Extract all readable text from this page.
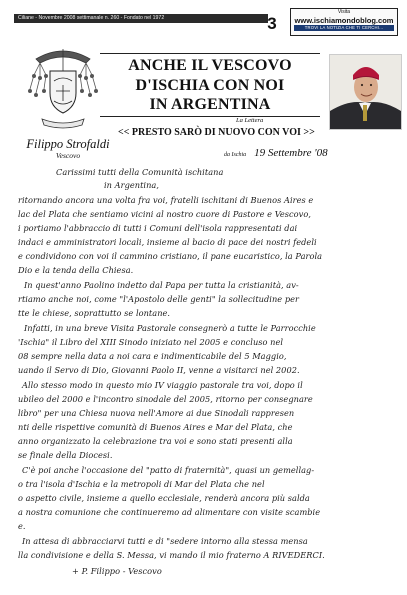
Ciliane - Novembre 2008 settimanale n. 260 - Fondato nel 1972	3
Visita
www.ischiamondoblog.com
TROVI LA NOTIZIA CHE TI CERCHI...
Filippo Strofaldi
Vescovo
ANCHE IL VESCOVO
D'ISCHIA CON NOI
IN ARGENTINA
La Lettera
<< PRESTO SARÒ DI NUOVO CON VOI >>
da Ischia 19 Settembre '08
Carissimi tutti della Comunità ischitana
in Argentina,
ritornando ancora una volta fra voi, fratelli ischitani di Buenos Aires e
lac del Plata che sentiamo vicini al nostro cuore di Pastore e Vescovo,
i portiamo l'abbraccio di tutti i Comuni dell'isola rappresentati dai
indaci e amministratori locali, insieme al bacio di pace dei nostri fedeli
e condividono con voi il cammino cristiano, il pane eucaristico, la Parola
Dio e la tenda della Chiesa.
In quest'anno Paolino indetto dal Papa per tutta la cristianità, av-
rtiamo anche noi, come "l'Apostolo delle genti" la sollecitudine per
tte le chiese, soprattutto se lontane.
Infatti, in una breve Visita Pastorale consegnerò a tutte le Parrocchie
'Ischia" il Libro del XIII Sinodo iniziato nel 2005 e concluso nel
08 sempre nella data a noi cara e indimenticabile del 5 Maggio,
uando il Servo di Dio, Giovanni Paolo II, venne a visitarci nel 2002.
Allo stesso modo in questo mio IV viaggio pastorale tra voi, dopo il
ubileo del 2000 e l'incontro sinodale del 2005, ritorno per consegnare
libro" per una Chiesa nuova nell'Amore ai due Sinodali rappresen
nti delle rispettive comunità di Buenos Aires e Mar del Plata, che
anno organizzato la celebrazione tra voi e sono stati presenti alla
se finale della Diocesi.
C'è poi anche l'occasione del "patto di fraternità", quasi un gemellag-
o tra l'isola d'Ischia e la metropoli di Mar del Plata che nel
o aspetto civile, insieme a quello ecclesiale, renderà ancora più salda
a nostra comunione che continueremo ad alimentare con visite scambie
e.
In attesa di abbracciarvi tutti e di "sedere intorno alla stessa mensa
lla condivisione e della S. Messa, vi mando il mio fraterno A RIVEDERCI.
+ P. Filippo - Vescovo
